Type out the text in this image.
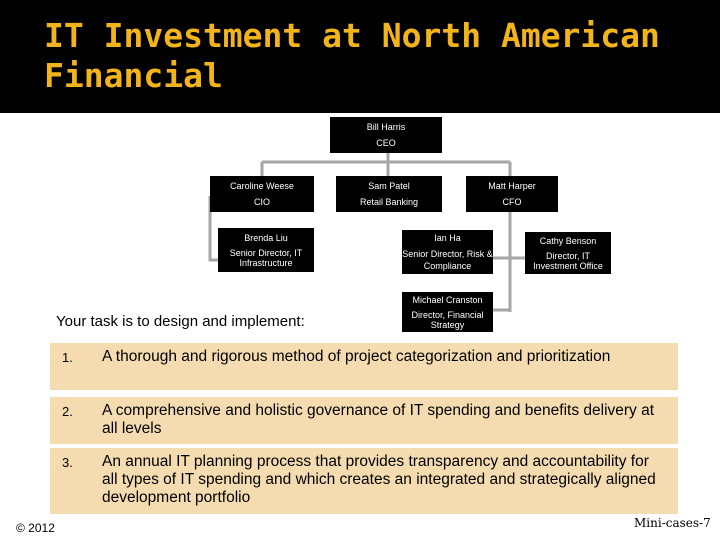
IT Investment at North American Financial
Bill Harris
CEO
Caroline Weese
CIO
Sam Patel
Retail Banking
Matt Harper
CFO
Brenda Liu
Senior Director, IT Infrastructure
Ian Ha
Senior Director, Risk & Compliance
Cathy Benson
Director, IT Investment Office
Michael Cranston
Director, Financial Strategy
Your task is to design and implement:
1. A thorough and rigorous method of project categorization and prioritization
2. A comprehensive and holistic governance of IT spending and benefits delivery at all levels
3. An annual IT planning process that provides transparency and accountability for all types of IT spending and which creates an integrated and strategically aligned development portfolio
© 2012	Mini-cases-7
